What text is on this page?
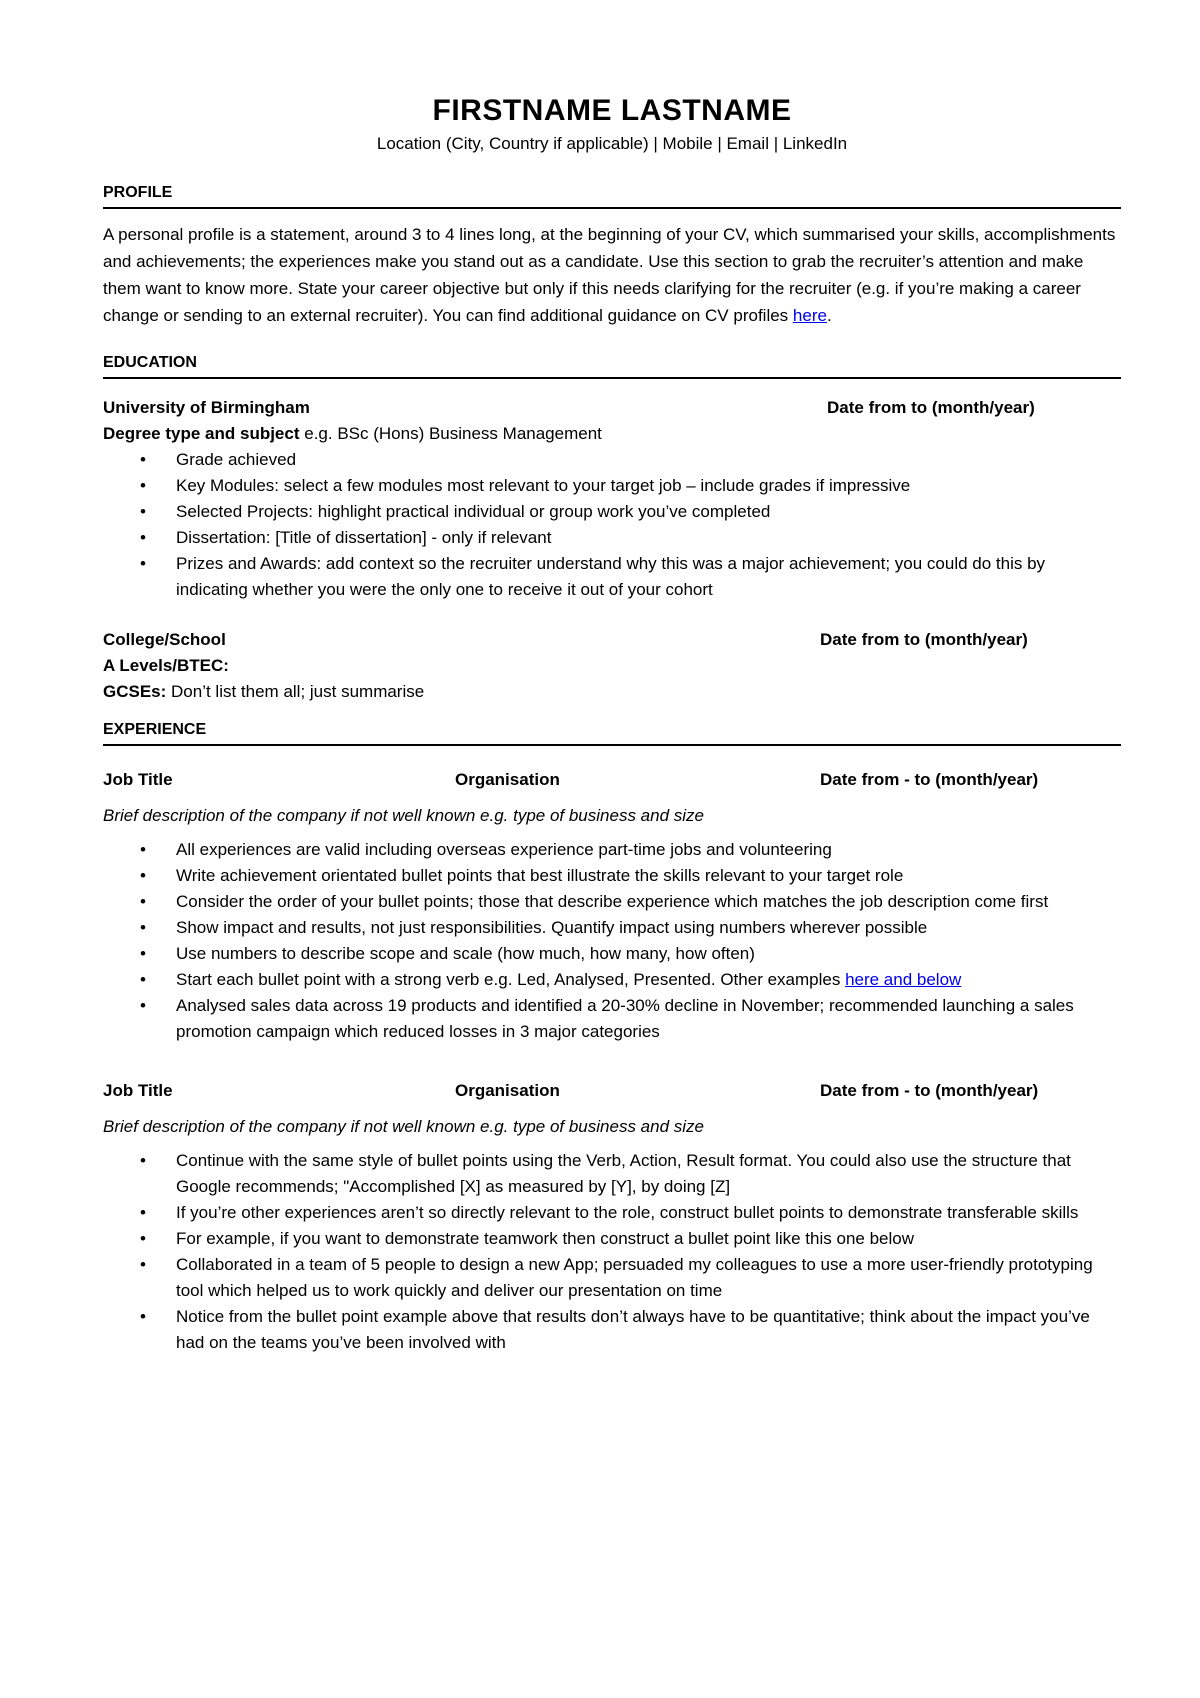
FIRSTNAME LASTNAME
Location (City, Country if applicable) | Mobile | Email | LinkedIn
PROFILE
A personal profile is a statement, around 3 to 4 lines long, at the beginning of your CV, which summarised your skills, accomplishments and achievements; the experiences make you stand out as a candidate. Use this section to grab the recruiter’s attention and make them want to know more. State your career objective but only if this needs clarifying for the recruiter (e.g. if you’re making a career change or sending to an external recruiter). You can find additional guidance on CV profiles here.
EDUCATION
University of Birmingham	Date from to (month/year)
Degree type and subject e.g. BSc (Hons) Business Management
• Grade achieved
• Key Modules: select a few modules most relevant to your target job – include grades if impressive
• Selected Projects: highlight practical individual or group work you’ve completed
• Dissertation: [Title of dissertation] - only if relevant
• Prizes and Awards: add context so the recruiter understand why this was a major achievement; you could do this by indicating whether you were the only one to receive it out of your cohort
College/School	Date from to (month/year)
A Levels/BTEC:
GCSEs: Don’t list them all; just summarise
EXPERIENCE
Job Title	Organisation	Date from - to (month/year)
Brief description of the company if not well known e.g. type of business and size
• All experiences are valid including overseas experience part-time jobs and volunteering
• Write achievement orientated bullet points that best illustrate the skills relevant to your target role
• Consider the order of your bullet points; those that describe experience which matches the job description come first
• Show impact and results, not just responsibilities. Quantify impact using numbers wherever possible
• Use numbers to describe scope and scale (how much, how many, how often)
• Start each bullet point with a strong verb e.g. Led, Analysed, Presented. Other examples here and below
• Analysed sales data across 19 products and identified a 20-30% decline in November; recommended launching a sales promotion campaign which reduced losses in 3 major categories
Job Title	Organisation	Date from - to (month/year)
Brief description of the company if not well known e.g. type of business and size
• Continue with the same style of bullet points using the Verb, Action, Result format. You could also use the structure that Google recommends; "Accomplished [X] as measured by [Y], by doing [Z]
• If you’re other experiences aren’t so directly relevant to the role, construct bullet points to demonstrate transferable skills
• For example, if you want to demonstrate teamwork then construct a bullet point like this one below
• Collaborated in a team of 5 people to design a new App; persuaded my colleagues to use a more user-friendly prototyping tool which helped us to work quickly and deliver our presentation on time
• Notice from the bullet point example above that results don’t always have to be quantitative; think about the impact you’ve had on the teams you’ve been involved with
